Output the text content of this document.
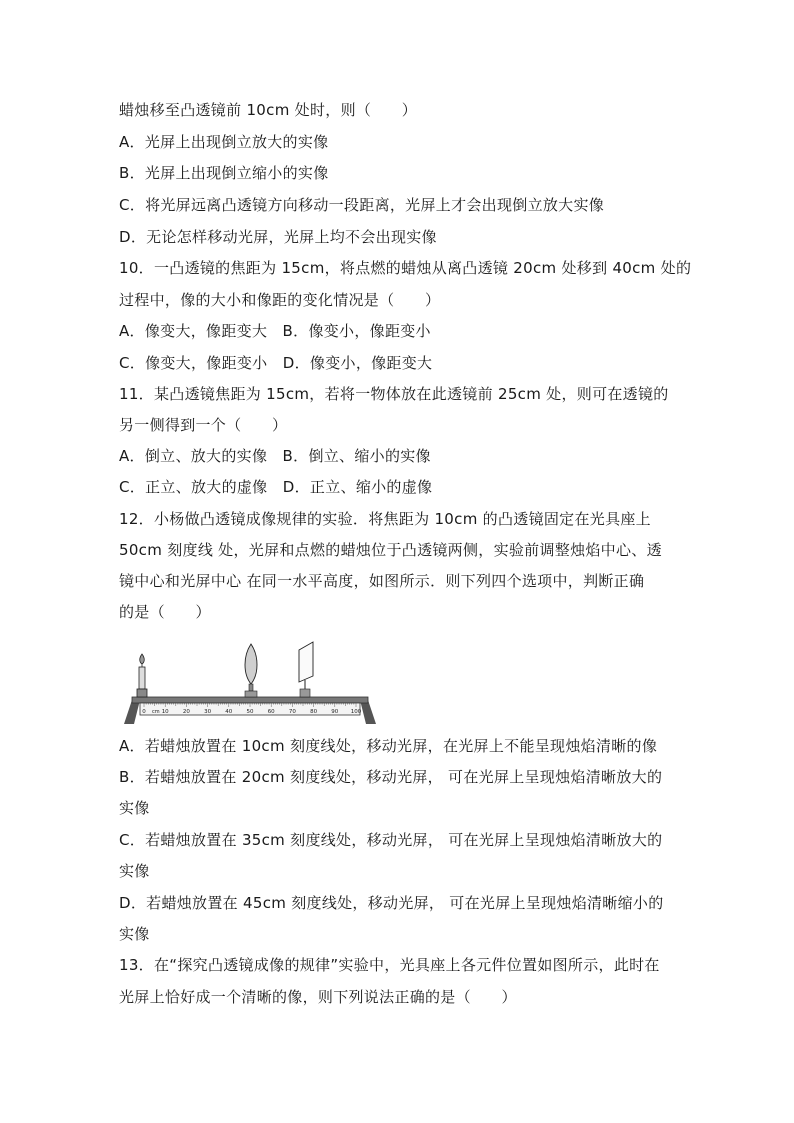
蜡烛移至凸透镜前 10cm 处时，则（　　）
A．光屏上出现倒立放大的实像
B．光屏上出现倒立缩小的实像
C．将光屏远离凸透镜方向移动一段距离，光屏上才会出现倒立放大实像
D．无论怎样移动光屏，光屏上均不会出现实像
10．一凸透镜的焦距为 15cm，将点燃的蜡烛从离凸透镜 20cm 处移到 40cm 处的
过程中，像的大小和像距的变化情况是（　　）
A．像变大，像距变大　B．像变小，像距变小
C．像变大，像距变小　D．像变小，像距变大
11．某凸透镜焦距为 15cm，若将一物体放在此透镜前 25cm 处，则可在透镜的
另一侧得到一个（　　）
A．倒立、放大的实像　B．倒立、缩小的实像
C．正立、放大的虚像　D．正立、缩小的虚像
12．小杨做凸透镜成像规律的实验．将焦距为 10cm 的凸透镜固定在光具座上
50cm 刻度线 处，光屏和点燃的蜡烛位于凸透镜两侧，实验前调整烛焰中心、透
镜中心和光屏中心 在同一水平高度，如图所示．则下列四个选项中，判断正确
的是（　　）
A．若蜡烛放置在 10cm 刻度线处，移动光屏，在光屏上不能呈现烛焰清晰的像
B．若蜡烛放置在 20cm 刻度线处，移动光屏， 可在光屏上呈现烛焰清晰放大的
实像
C．若蜡烛放置在 35cm 刻度线处，移动光屏， 可在光屏上呈现烛焰清晰放大的
实像
D．若蜡烛放置在 45cm 刻度线处，移动光屏， 可在光屏上呈现烛焰清晰缩小的
实像
13．在“探究凸透镜成像的规律”实验中，光具座上各元件位置如图所示，此时在
光屏上恰好成一个清晰的像，则下列说法正确的是（　　）
0	10	20	30	40	50	60	70	80	90 100
cm
